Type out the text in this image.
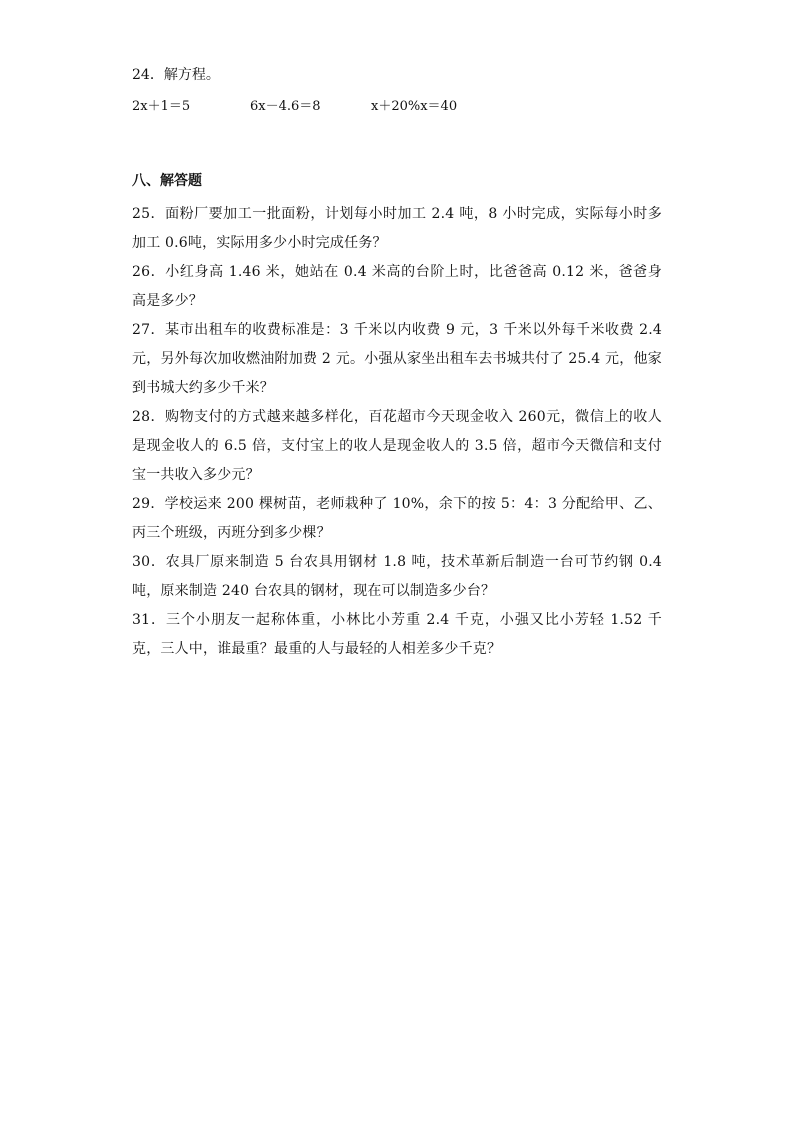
24．解方程。
2x＋1＝5	6x－4.6＝8	x＋20%x＝40
八、解答题
25．面粉厂要加工一批面粉，计划每小时加工 2.4 吨，8 小时完成，实际每小时多加工 0.6吨，实际用多少小时完成任务？
26．小红身高 1.46 米，她站在 0.4 米高的台阶上时，比爸爸高 0.12 米，爸爸身高是多少？
27．某市出租车的收费标准是：3 千米以内收费 9 元，3 千米以外每千米收费 2.4 元，另外每次加收燃油附加费 2 元。小强从家坐出租车去书城共付了 25.4 元，他家到书城大约多少千米？
28．购物支付的方式越来越多样化，百花超市今天现金收入 260元，微信上的收人是现金收人的 6.5 倍，支付宝上的收人是现金收人的 3.5 倍，超市今天微信和支付宝一共收入多少元？
29．学校运来 200 棵树苗，老师栽种了 10%，余下的按 5：4：3 分配给甲、乙、丙三个班级，丙班分到多少棵？
30．农具厂原来制造 5 台农具用钢材 1.8 吨，技术革新后制造一台可节约钢 0.4 吨，原来制造 240 台农具的钢材，现在可以制造多少台？
31．三个小朋友一起称体重，小林比小芳重 2.4 千克，小强又比小芳轻 1.52 千克，三人中，谁最重？最重的人与最轻的人相差多少千克？
